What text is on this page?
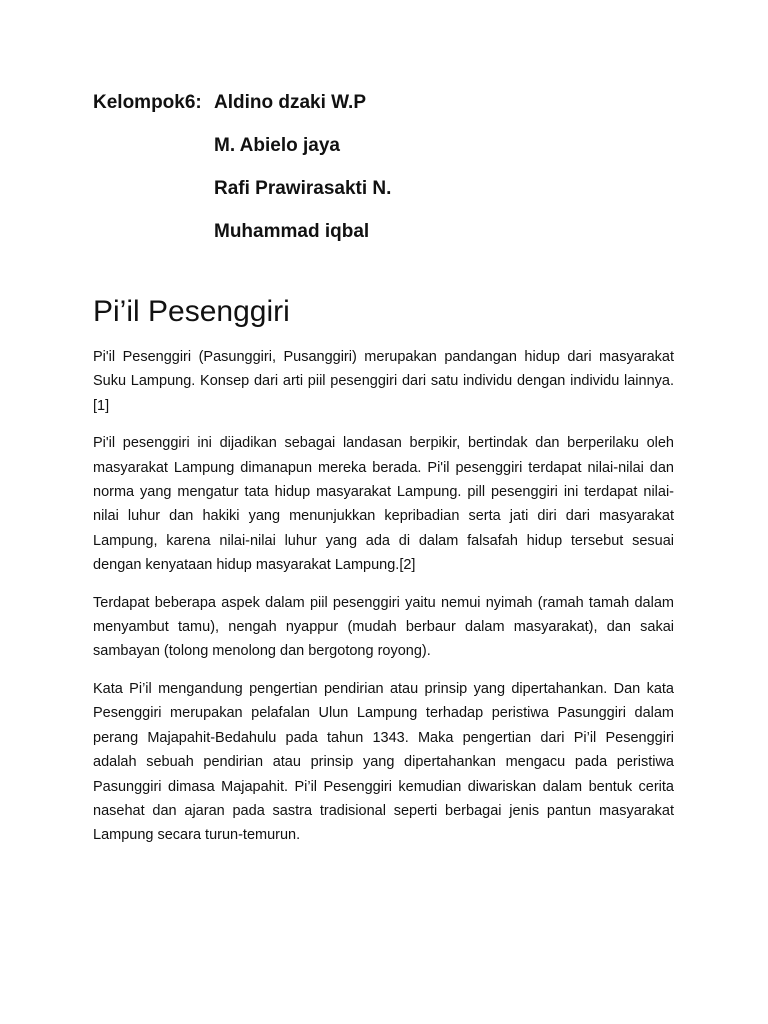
Kelompok6: Aldino dzaki W.P
M. Abielo jaya
Rafi Prawirasakti N.
Muhammad iqbal
Pi’il Pesenggiri

Pi'il Pesenggiri (Pasunggiri, Pusanggiri) merupakan pandangan hidup dari masyarakat Suku Lampung. Konsep dari arti piil pesenggiri dari satu individu dengan individu lainnya.[1]

Pi'il pesenggiri ini dijadikan sebagai landasan berpikir, bertindak dan berperilaku oleh masyarakat Lampung dimanapun mereka berada. Pi'il pesenggiri terdapat nilai-nilai dan norma yang mengatur tata hidup masyarakat Lampung. pill pesenggiri ini terdapat nilai-nilai luhur dan hakiki yang menunjukkan kepribadian serta jati diri dari masyarakat Lampung, karena nilai-nilai luhur yang ada di dalam falsafah hidup tersebut sesuai dengan kenyataan hidup masyarakat Lampung.[2]

Terdapat beberapa aspek dalam piil pesenggiri yaitu nemui nyimah (ramah tamah dalam menyambut tamu), nengah nyappur (mudah berbaur dalam masyarakat), dan sakai sambayan (tolong menolong dan bergotong royong).

Kata Pi’il mengandung pengertian pendirian atau prinsip yang dipertahankan. Dan kata Pesenggiri merupakan pelafalan Ulun Lampung terhadap peristiwa Pasunggiri dalam perang Majapahit-Bedahulu pada tahun 1343. Maka pengertian dari Pi’il Pesenggiri adalah sebuah pendirian atau prinsip yang dipertahankan mengacu pada peristiwa Pasunggiri dimasa Majapahit. Pi’il Pesenggiri kemudian diwariskan dalam bentuk cerita nasehat dan ajaran pada sastra tradisional seperti berbagai jenis pantun masyarakat Lampung secara turun-temurun.
